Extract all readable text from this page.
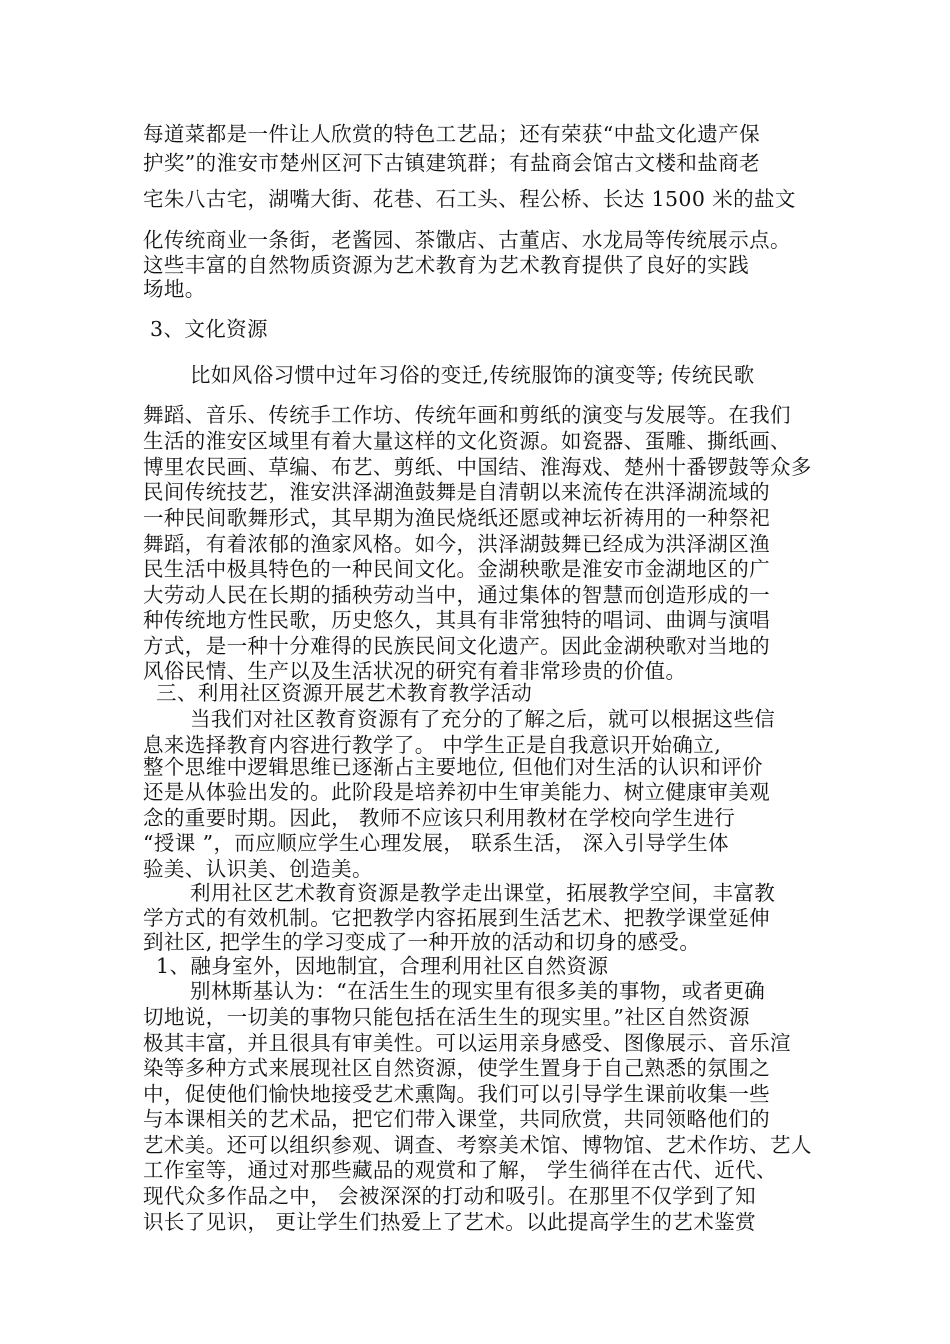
每道菜都是一件让人欣赏的特色工艺品；还有荣获“中盐文化遗产保
护奖”的淮安市楚州区河下古镇建筑群；有盐商会馆古文楼和盐商老
宅朱八古宅，湖嘴大街、花巷、石工头、程公桥、长达 1500 米的盐文
化传统商业一条街，老酱园、茶馓店、古董店、水龙局等传统展示点。
这些丰富的自然物质资源为艺术教育为艺术教育提供了良好的实践
场地。
3、文化资源
比如风俗习惯中过年习俗的变迁,传统服饰的演变等; 传统民歌
舞蹈、音乐、传统手工作坊、传统年画和剪纸的演变与发展等。在我们
生活的淮安区域里有着大量这样的文化资源。如瓷器、蛋雕、撕纸画、
博里农民画、草编、布艺、剪纸、中国结、淮海戏、楚州十番锣鼓等众多
民间传统技艺，淮安洪泽湖渔鼓舞是自清朝以来流传在洪泽湖流域的
一种民间歌舞形式，其早期为渔民烧纸还愿或神坛祈祷用的一种祭祀
舞蹈，有着浓郁的渔家风格。如今，洪泽湖鼓舞已经成为洪泽湖区渔
民生活中极具特色的一种民间文化。金湖秧歌是淮安市金湖地区的广
大劳动人民在长期的插秧劳动当中，通过集体的智慧而创造形成的一
种传统地方性民歌，历史悠久，其具有非常独特的唱词、曲调与演唱
方式，是一种十分难得的民族民间文化遗产。因此金湖秧歌对当地的
风俗民情、生产以及生活状况的研究有着非常珍贵的价值。
三、利用社区资源开展艺术教育教学活动
当我们对社区教育资源有了充分的了解之后，就可以根据这些信
息来选择教育内容进行教学了。 中学生正是自我意识开始确立,
整个思维中逻辑思维已逐渐占主要地位, 但他们对生活的认识和评价
还是从体验出发的。此阶段是培养初中生审美能力、树立健康审美观
念的重要时期。因此， 教师不应该只利用教材在学校向学生进行
“授课 ”，而应顺应学生心理发展， 联系生活， 深入引导学生体
验美、认识美、创造美。
利用社区艺术教育资源是教学走出课堂，拓展教学空间，丰富教
学方式的有效机制。它把教学内容拓展到生活艺术、把教学课堂延伸
到社区, 把学生的学习变成了一种开放的活动和切身的感受。
1、融身室外，因地制宜，合理利用社区自然资源
别林斯基认为：“在活生生的现实里有很多美的事物，或者更确
切地说，一切美的事物只能包括在活生生的现实里。”社区自然资源
极其丰富，并且很具有审美性。可以运用亲身感受、图像展示、音乐渲
染等多种方式来展现社区自然资源，使学生置身于自己熟悉的氛围之
中，促使他们愉快地接受艺术熏陶。我们可以引导学生课前收集一些
与本课相关的艺术品，把它们带入课堂，共同欣赏，共同领略他们的
艺术美。还可以组织参观、调查、考察美术馆、博物馆、艺术作坊、艺人
工作室等，通过对那些藏品的观赏和了解， 学生徜徉在古代、近代、
现代众多作品之中， 会被深深的打动和吸引。在那里不仅学到了知
识长了见识， 更让学生们热爱上了艺术。以此提高学生的艺术鉴赏
